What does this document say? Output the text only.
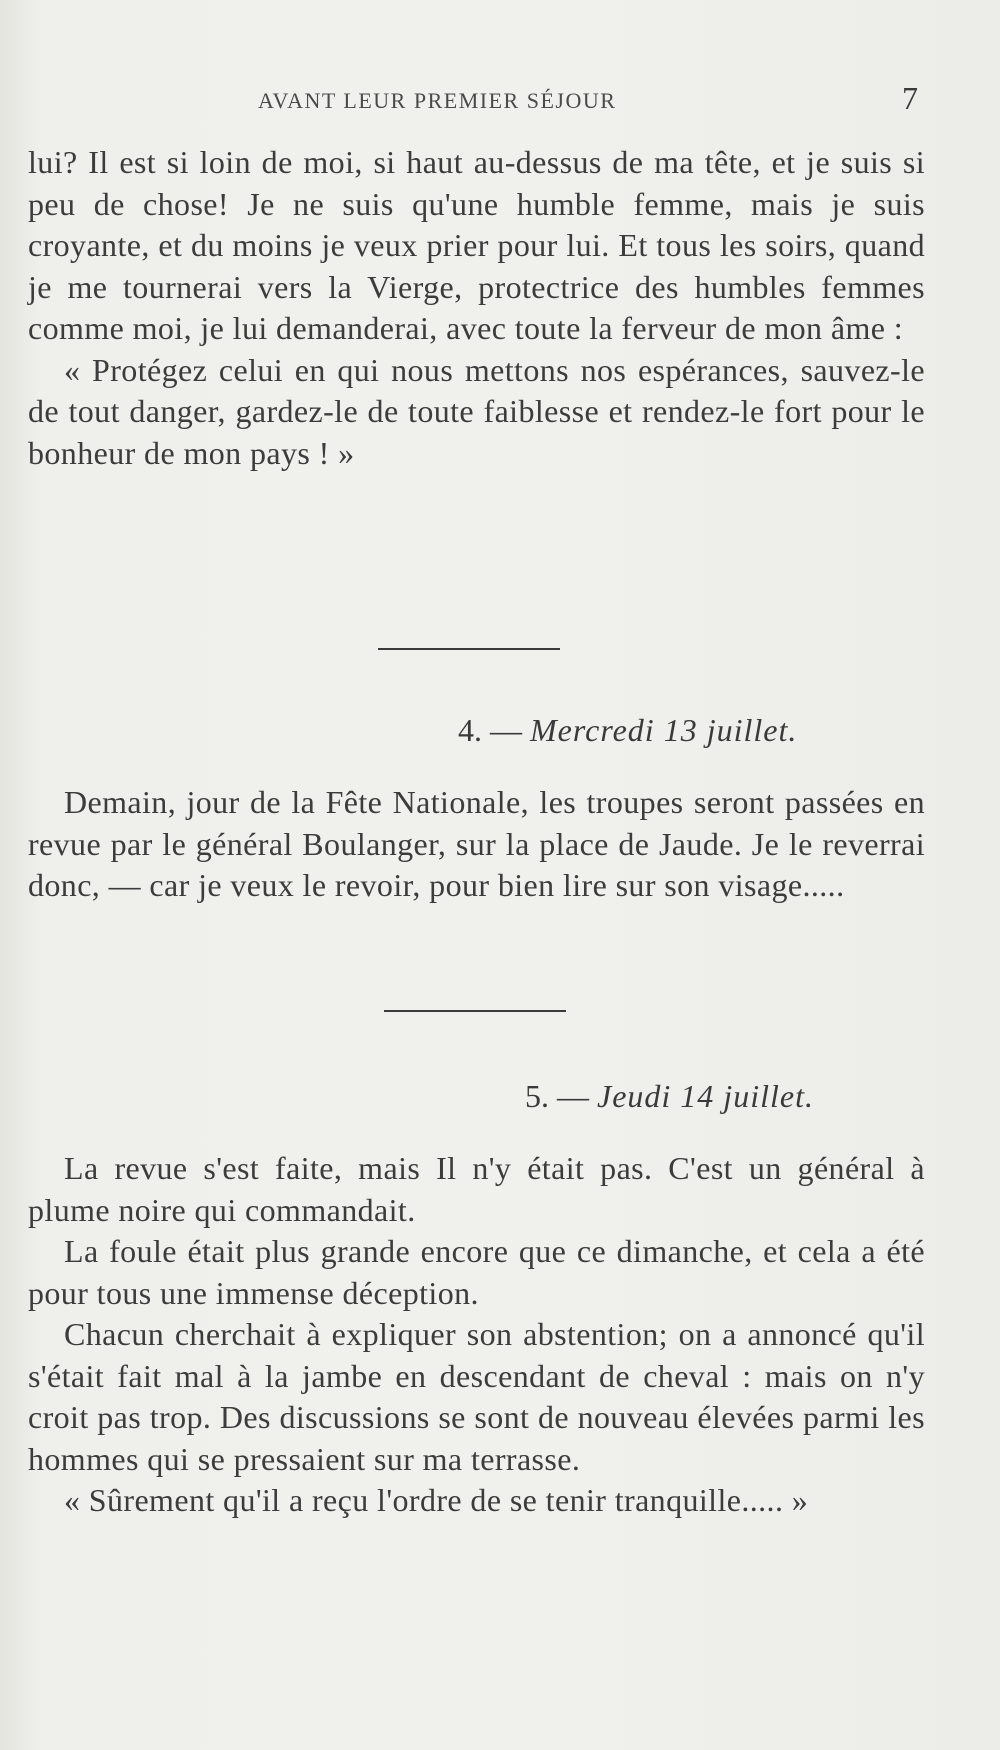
AVANT LEUR PREMIER SÉJOUR	7

lui? Il est si loin de moi, si haut au-dessus de ma tête, et je suis si peu de chose! Je ne suis qu'une humble femme, mais je suis croyante, et du moins je veux prier pour lui. Et tous les soirs, quand je me tournerai vers la Vierge, protectrice des humbles femmes comme moi, je lui demanderai, avec toute la ferveur de mon âme :

« Protégez celui en qui nous mettons nos espérances, sauvez-le de tout danger, gardez-le de toute faiblesse et rendez-le fort pour le bonheur de mon pays ! »

4. — Mercredi 13 juillet.

Demain, jour de la Fête Nationale, les troupes seront passées en revue par le général Boulanger, sur la place de Jaude. Je le reverrai donc, — car je veux le revoir, pour bien lire sur son visage.....

5. — Jeudi 14 juillet.

La revue s'est faite, mais Il n'y était pas. C'est un général à plume noire qui commandait.

La foule était plus grande encore que ce dimanche, et cela a été pour tous une immense déception.

Chacun cherchait à expliquer son abstention; on a annoncé qu'il s'était fait mal à la jambe en descendant de cheval : mais on n'y croit pas trop. Des discussions se sont de nouveau élevées parmi les hommes qui se pressaient sur ma terrasse.

« Sûrement qu'il a reçu l'ordre de se tenir tranquille..... »
